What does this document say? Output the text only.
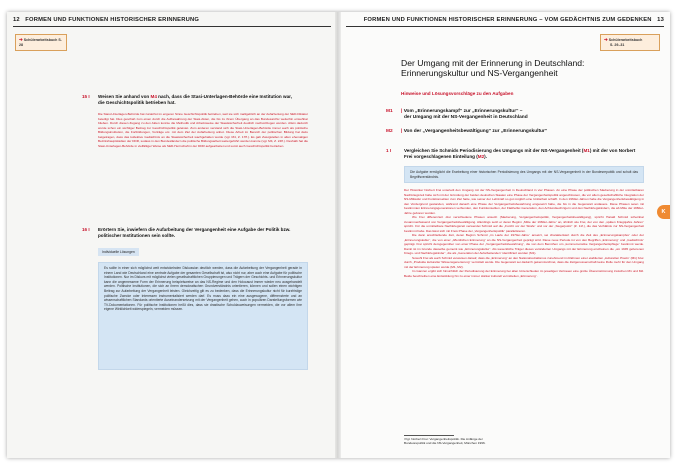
12 FORMEN UND FUNKTIONEN HISTORISCHER ERINNERUNG
➔Schülerarbeitsbuch S. 28
15 I Weisen Sie anhand von M4 nach, dass die Stasi-Unterlagen-Behörde eine Institution war, die Geschichtspolitik betrieben hat.
Die Stasi-Unterlagen-Behörde hat zunächst im engeren Sinne Geschichtspolitik betrieben, weil sie sich maßgeblich an der Aufarbeitung der SED-Diktatur beteiligt hat. Dies geschah zum einen durch die Aufbewahrung der Stasi-Akten, die bis zu ihrem Übergang an das Bundesarchiv weiterhin einsehbar blieben. Durch diesen Zugang zu den Akten konnte die Methodik und Arbeitsweise der Staatssicherheit deutlich nachvollzogen werden. Allein dadurch wurde schon ein wichtiger Beitrag zur Geschichtspolitik geleistet. Zum anderen verstand sich die Stasi-Unterlagen-Behörde immer auch als politische Bildungsinstitution, die Fortbildungen, Vorträge etc. mit dem Ziel der Aufarbeitung anbot. Diese Arbeit im Bereich der politischen Bildung hat dazu beigetragen, dass das kollektive Gedächtnis an die Staatssicherheit wachgehalten wurde (vgl. M4, Z. 17ff.). Es gab Zweigstellen in allen ehemaligen Bezirkshauptstädten der DDR, sodass in den Bundesländern die politische Bildungsarbeit weitergeführt werden konnte (vgl. M4, Z. 24ff.). Deshalb hat die Stasi-Unterlagen-Behörde in vielfältiger Weise als SED-Herrschaft in der DDR aufgearbeitet und somit auch Geschichtspolitik betrieben.
16 I Erörtern Sie, inwiefern die Aufarbeitung der Vergangenheit eine Aufgabe der Politik bzw. politischer Institutionen sein sollte.
Individuelle Lösungen
Es sollte in einer sich möglichst weit entwickelnden Diskussion deutlich werden, dass die Aufarbeitung der Vergangenheit gerade in einem Land wie Deutschland eine zentrale Aufgabe der gesamten Gesellschaft ist, also nicht nur, aber auch eine Aufgabe für politische Institutionen. Nur im Diskurs mit möglichst vielen gesellschaftlichen Gruppierungen und Trägern der Geschichts- und Erinnerungskultur kann die angemessene Form der Erinnerung beispielsweise an das NS-Regime und den Holocaust immer wieder neu ausgehandelt werden. Politische Institutionen, die sich an ihrem demokratischen Grundverständnis orientieren, können und sollen einen wichtigen Beitrag zur Aufarbeitung der Vergangenheit leisten. Gleichzeitig gilt es zu bedenken, dass die Erinnerungskultur nicht für kurzfristige politische Zwecke oder Interessen instrumentalisiert werden darf. Es muss dazu ein eine ausgewogene, differenzierte und an wissenschaftlichen Standards orientierte Auseinandersetzung mit der Vergangenheit gehen, auch in populären Darstellungsformen wie TV-Dokumentationen. Für politische Institutionen heißt dies, dass sie drastische Schuldzuweisungen vermeiden, die vor allem ihre eigene Wirklichkeit widerspiegeln, vermeiden müssen.
FORMEN UND FUNKTIONEN HISTORISCHER ERINNERUNG – VOM GEDÄCHTNIS ZUM GEDENKEN 13
➔Schülerarbeitsbuch
S. 29–31
Der Umgang mit der Erinnerung in Deutschland:
Erinnerungskultur und NS-Vergangenheit
Hinweise und Lösungsvorschläge zu den Aufgaben
M1 | Vom „Erinnerungskampf“ zur „Erinnerungskultur“ –
der Umgang mit der NS-Vergangenheit in Deutschland
M2 | Von der „Vergangenheitsbewältigung“ zur „Erinnerungskultur“
1 I	Vergleichen Sie Schmids Periodisierung des Umgangs mit der NS-Vergangenheit (M1) mit der von Norbert Frei vorgeschlagenen Einteilung (M2).
Die Aufgabe ermöglicht die Erarbeitung einer historischen Periodisierung des Umgangs mit der NS-Vergangenheit in der Bundesrepublik und schult das Begriffsverständnis.
Der Historiker Norbert Frei unterteilt den Umgang mit der NS-Vergangenheit in Deutschland in vier Phasen. An eine Phase der politischen Säuberung in der unmittelbaren Nachkriegszeit habe sich mit der Gründung der beiden deutschen Staaten eine Phase der Vergangenheitspolitik angeschlossen, die vor allem gesellschaftliche Integration der NS-Mitläufer und Funktionseliten zum Ziel hatte, wie seiner der Lehrkraft so gut möglich eine Unklarheit schafft. In den 1960er-Jahren habe die Vergangenheitsbewältigung in den Vordergrund gestanden, während danach eine Phase der Vergangenheitsbewahrung eingesetzt habe, die bis in die Gegenwart andauere. Diese Phasen seien mit bestimmten Erinnerungsgenerationen verbunden, den Funktionseliten, der Flakhelfer-Generation, den Achtundsechzigern und den Nachkriegskindern, die ab Mitte der 1960er-Jahre geboren wurden.
Wo Frei differenziert drei verschiedene Phasen ansetzt (Säuberung, Vergangenheitspolitik, Vergangenheitsbewältigung), spricht Harald Schmid scheinbar zusammenfassend von Vergangenheitsbewältigung. Allerdings setzt er deren Beginn „Mitte der 1960er-Jahre“ an, ähnlich wie Frei, der von den „späten Kriegsjahre Jahren“ spricht. Für die unmittelbare Nachkriegszeit verwendet Schmid auf die „Furcht vor der Strafe“ und vor der „Siegerjustiz“ (Z. 11f.), die das Verhältnis zur NS-Vergangenheit bestimmt habe. Das lässt sich mit Freis Phase der „Vergangenheitspolitik“ parallelisieren.
Die dann anschließende Zeit, deren Beginn Schmid „im Laufe der 1970er-Jahre“ ansetzt, sei charakterisiert durch die Zeit des „Erinnerungskampfes“ oder der „Erinnerungskultur“, die von einer „öffentlichen Erinnerung“ an die NS-Vergangenheit geprägt wird. Diese neue Periode ist von den Begriffen „Erinnerung“ und „Gedächtnis“ geprägt. Frei spricht demgegenüber von einer Phase der „Vergangenheitsbewahrung“, die von dem Bemühen um „kommemorative Vergangenheitspflege“ bestimmt werde. Damit ist im Grunde dasselbe gemeint wie „Erinnerungskultur“. Als wesentliche Träger dieses veränderten Umgangs mit der Erinnerung erscheinen die „um 1945 geborenen Kriegs- und Nachkriegskinder“, die als „Generation der Aufarbeitenden“ identifiziert werden (M1).
Sowohl Frei als auch Schmid verweisen darauf, dass die „Erinnerung“ an den Nationalsozialismus zunehmend im Rahmen einer etablierten „kulturellen Praxis“ (M1) bzw. durch „Produkte kultureller Wissensgenerierung“ vermittelt werde. Die Gegenwart sei dadurch gekennzeichnet, dass die Zeitgenossenschaft keine Rolle mehr für den Umgang mit der Erinnerung spielen werde (M1, M2).
Im Ganzen ergibt sich hinsichtlich der Periodisierung der Erinnerung bei allen Unterschieden im jeweiligen Vertrauen eine große Übereinstimmung zwischen M1 und M2. Beide beschreiben eine Entwicklung hin zu einer immer stärker kulturell vermittelten „Erinnerung“.
¹Vgl. Norbert Frei: Vergangenheitspolitik. Die Anfänge der
Bundesrepublik und die NS-Vergangenheit, München 1996.
K
